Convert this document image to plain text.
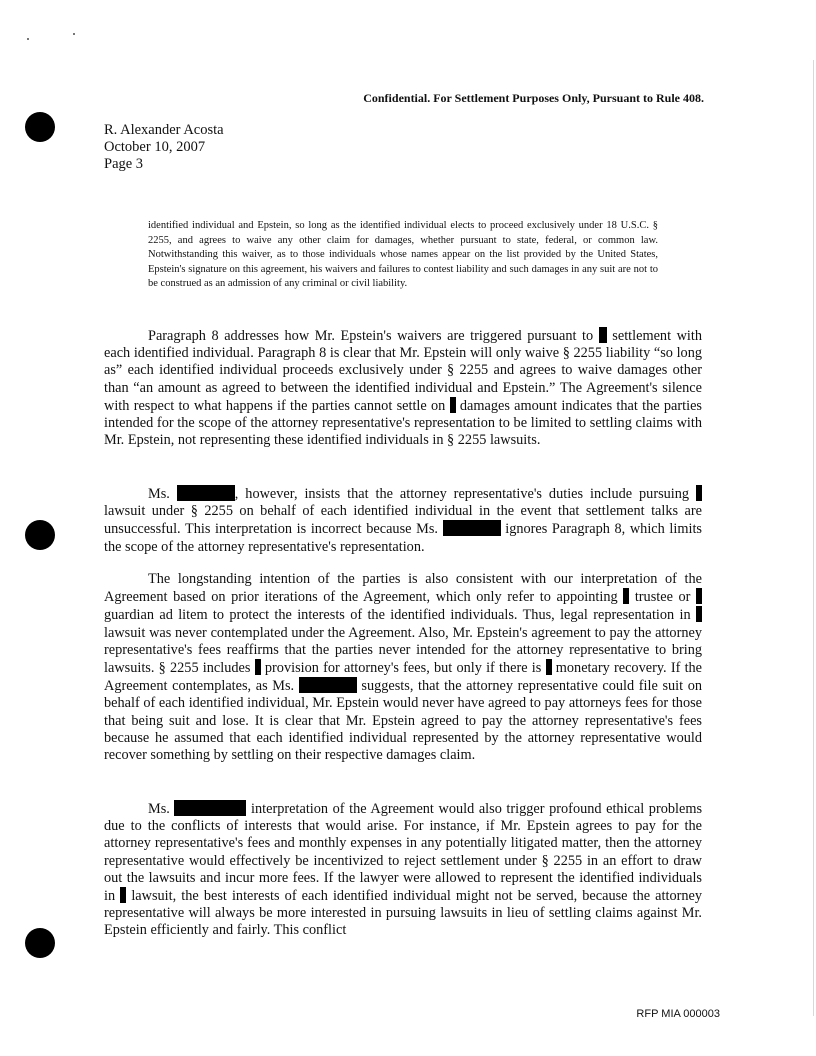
Confidential. For Settlement Purposes Only, Pursuant to Rule 408.
R. Alexander Acosta
October 10, 2007
Page 3
identified individual and Epstein, so long as the identified individual elects to proceed exclusively under 18 U.S.C. § 2255, and agrees to waive any other claim for damages, whether pursuant to state, federal, or common law. Notwithstanding this waiver, as to those individuals whose names appear on the list provided by the United States, Epstein's signature on this agreement, his waivers and failures to contest liability and such damages in any suit are not to be construed as an admission of any criminal or civil liability.

Paragraph 8 addresses how Mr. Epstein's waivers are triggered pursuant to settlement with each identified individual. Paragraph 8 is clear that Mr. Epstein will only waive § 2255 liability “so long as” each identified individual proceeds exclusively under § 2255 and agrees to waive damages other than “an amount as agreed to between the identified individual and Epstein.” The Agreement's silence with respect to what happens if the parties cannot settle on damages amount indicates that the parties intended for the scope of the attorney representative's representation to be limited to settling claims with Mr. Epstein, not representing these identified individuals in § 2255 lawsuits.

Ms.	, however, insists that the attorney representative's duties include pursuing  lawsuit under § 2255 on behalf of each identified individual in the event that settlement talks are unsuccessful. This interpretation is incorrect because Ms.	ignores Paragraph 8, which limits the scope of the attorney representative's representation.

The longstanding intention of the parties is also consistent with our interpretation of the Agreement based on prior iterations of the Agreement, which only refer to appointing trustee or  guardian ad litem to protect the interests of the identified individuals. Thus, legal representation in  lawsuit was never contemplated under the Agreement. Also, Mr. Epstein's agreement to pay the attorney representative's fees reaffirms that the parties never intended for the attorney representative to bring lawsuits. § 2255 includes provision for attorney's fees, but only if there is monetary recovery. If the Agreement contemplates, as Ms.	suggests, that the attorney representative could file suit on behalf of each identified individual, Mr. Epstein would never have agreed to pay attorneys fees for those that being suit and lose. It is clear that Mr. Epstein agreed to pay the attorney representative's fees because he assumed that each identified individual represented by the attorney representative would recover something by settling on their respective damages claim.

Ms.	interpretation of the Agreement would also trigger profound ethical problems due to the conflicts of interests that would arise. For instance, if Mr. Epstein agrees to pay for the attorney representative's fees and monthly expenses in any potentially litigated matter, then the attorney representative would effectively be incentivized to reject settlement under § 2255 in an effort to draw out the lawsuits and incur more fees. If the lawyer were allowed to represent the identified individuals in lawsuit, the best interests of each identified individual might not be served, because the attorney representative will always be more interested in pursuing lawsuits in lieu of settling claims against Mr. Epstein efficiently and fairly. This conflict

RFP MIA 000003
